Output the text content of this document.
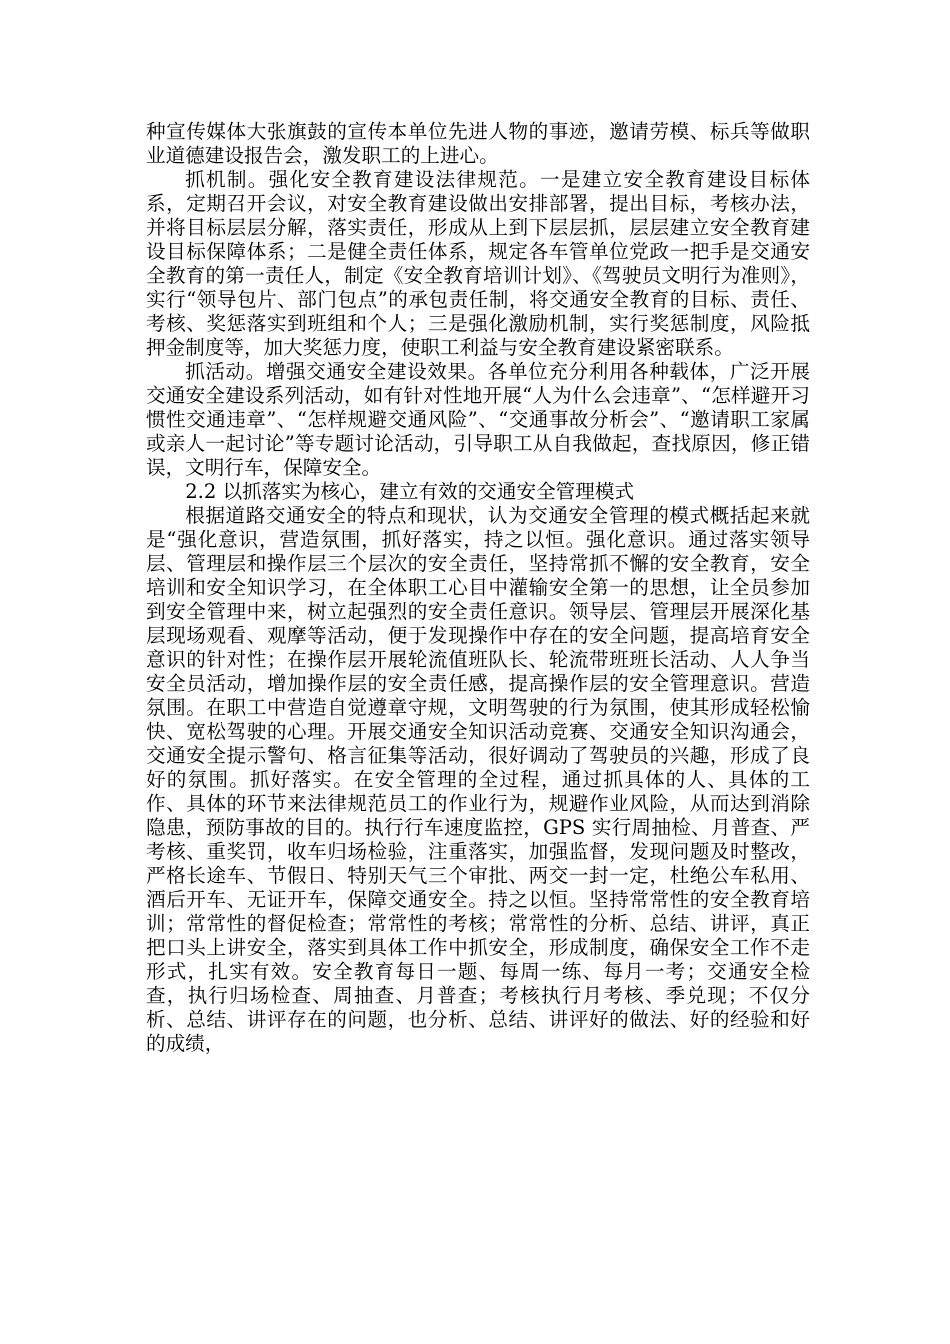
种宣传媒体大张旗鼓的宣传本单位先进人物的事迹，邀请劳模、标兵等做职业道德建设报告会，激发职工的上进心。

抓机制。强化安全教育建设法律规范。一是建立安全教育建设目标体系，定期召开会议，对安全教育建设做出安排部署，提出目标，考核办法，并将目标层层分解，落实责任，形成从上到下层层抓，层层建立安全教育建设目标保障体系；二是健全责任体系，规定各车管单位党政一把手是交通安全教育的第一责任人，制定《安全教育培训计划》、《驾驶员文明行为准则》，实行“领导包片、部门包点”的承包责任制，将交通安全教育的目标、责任、考核、奖惩落实到班组和个人；三是强化激励机制，实行奖惩制度，风险抵押金制度等，加大奖惩力度，使职工利益与安全教育建设紧密联系。

抓活动。增强交通安全建设效果。各单位充分利用各种载体，广泛开展交通安全建设系列活动，如有针对性地开展“人为什么会违章”、“怎样避开习惯性交通违章”、“怎样规避交通风险”、“交通事故分析会”、“邀请职工家属或亲人一起讨论”等专题讨论活动，引导职工从自我做起，查找原因，修正错误，文明行车，保障安全。

2.2 以抓落实为核心，建立有效的交通安全管理模式

根据道路交通安全的特点和现状，认为交通安全管理的模式概括起来就是“强化意识，营造氛围，抓好落实，持之以恒。强化意识。通过落实领导层、管理层和操作层三个层次的安全责任，坚持常抓不懈的安全教育，安全培训和安全知识学习，在全体职工心目中灌输安全第一的思想，让全员参加到安全管理中来，树立起强烈的安全责任意识。领导层、管理层开展深化基层现场观看、观摩等活动，便于发现操作中存在的安全问题，提高培育安全意识的针对性；在操作层开展轮流值班队长、轮流带班班长活动、人人争当安全员活动，增加操作层的安全责任感，提高操作层的安全管理意识。营造氛围。在职工中营造自觉遵章守规，文明驾驶的行为氛围，使其形成轻松愉快、宽松驾驶的心理。开展交通安全知识活动竞赛、交通安全知识沟通会，交通安全提示警句、格言征集等活动，很好调动了驾驶员的兴趣，形成了良好的氛围。抓好落实。在安全管理的全过程，通过抓具体的人、具体的工作、具体的环节来法律规范员工的作业行为，规避作业风险，从而达到消除隐患，预防事故的目的。执行行车速度监控，GPS 实行周抽检、月普查、严考核、重奖罚，收车归场检验，注重落实，加强监督，发现问题及时整改，严格长途车、节假日、特别天气三个审批、两交一封一定，杜绝公车私用、酒后开车、无证开车，保障交通安全。持之以恒。坚持常常性的安全教育培训；常常性的督促检查；常常性的考核；常常性的分析、总结、讲评，真正把口头上讲安全，落实到具体工作中抓安全，形成制度，确保安全工作不走形式，扎实有效。安全教育每日一题、每周一练、每月一考；交通安全检查，执行归场检查、周抽查、月普查；考核执行月考核、季兑现；不仅分析、总结、讲评存在的问题，也分析、总结、讲评好的做法、好的经验和好的成绩，
